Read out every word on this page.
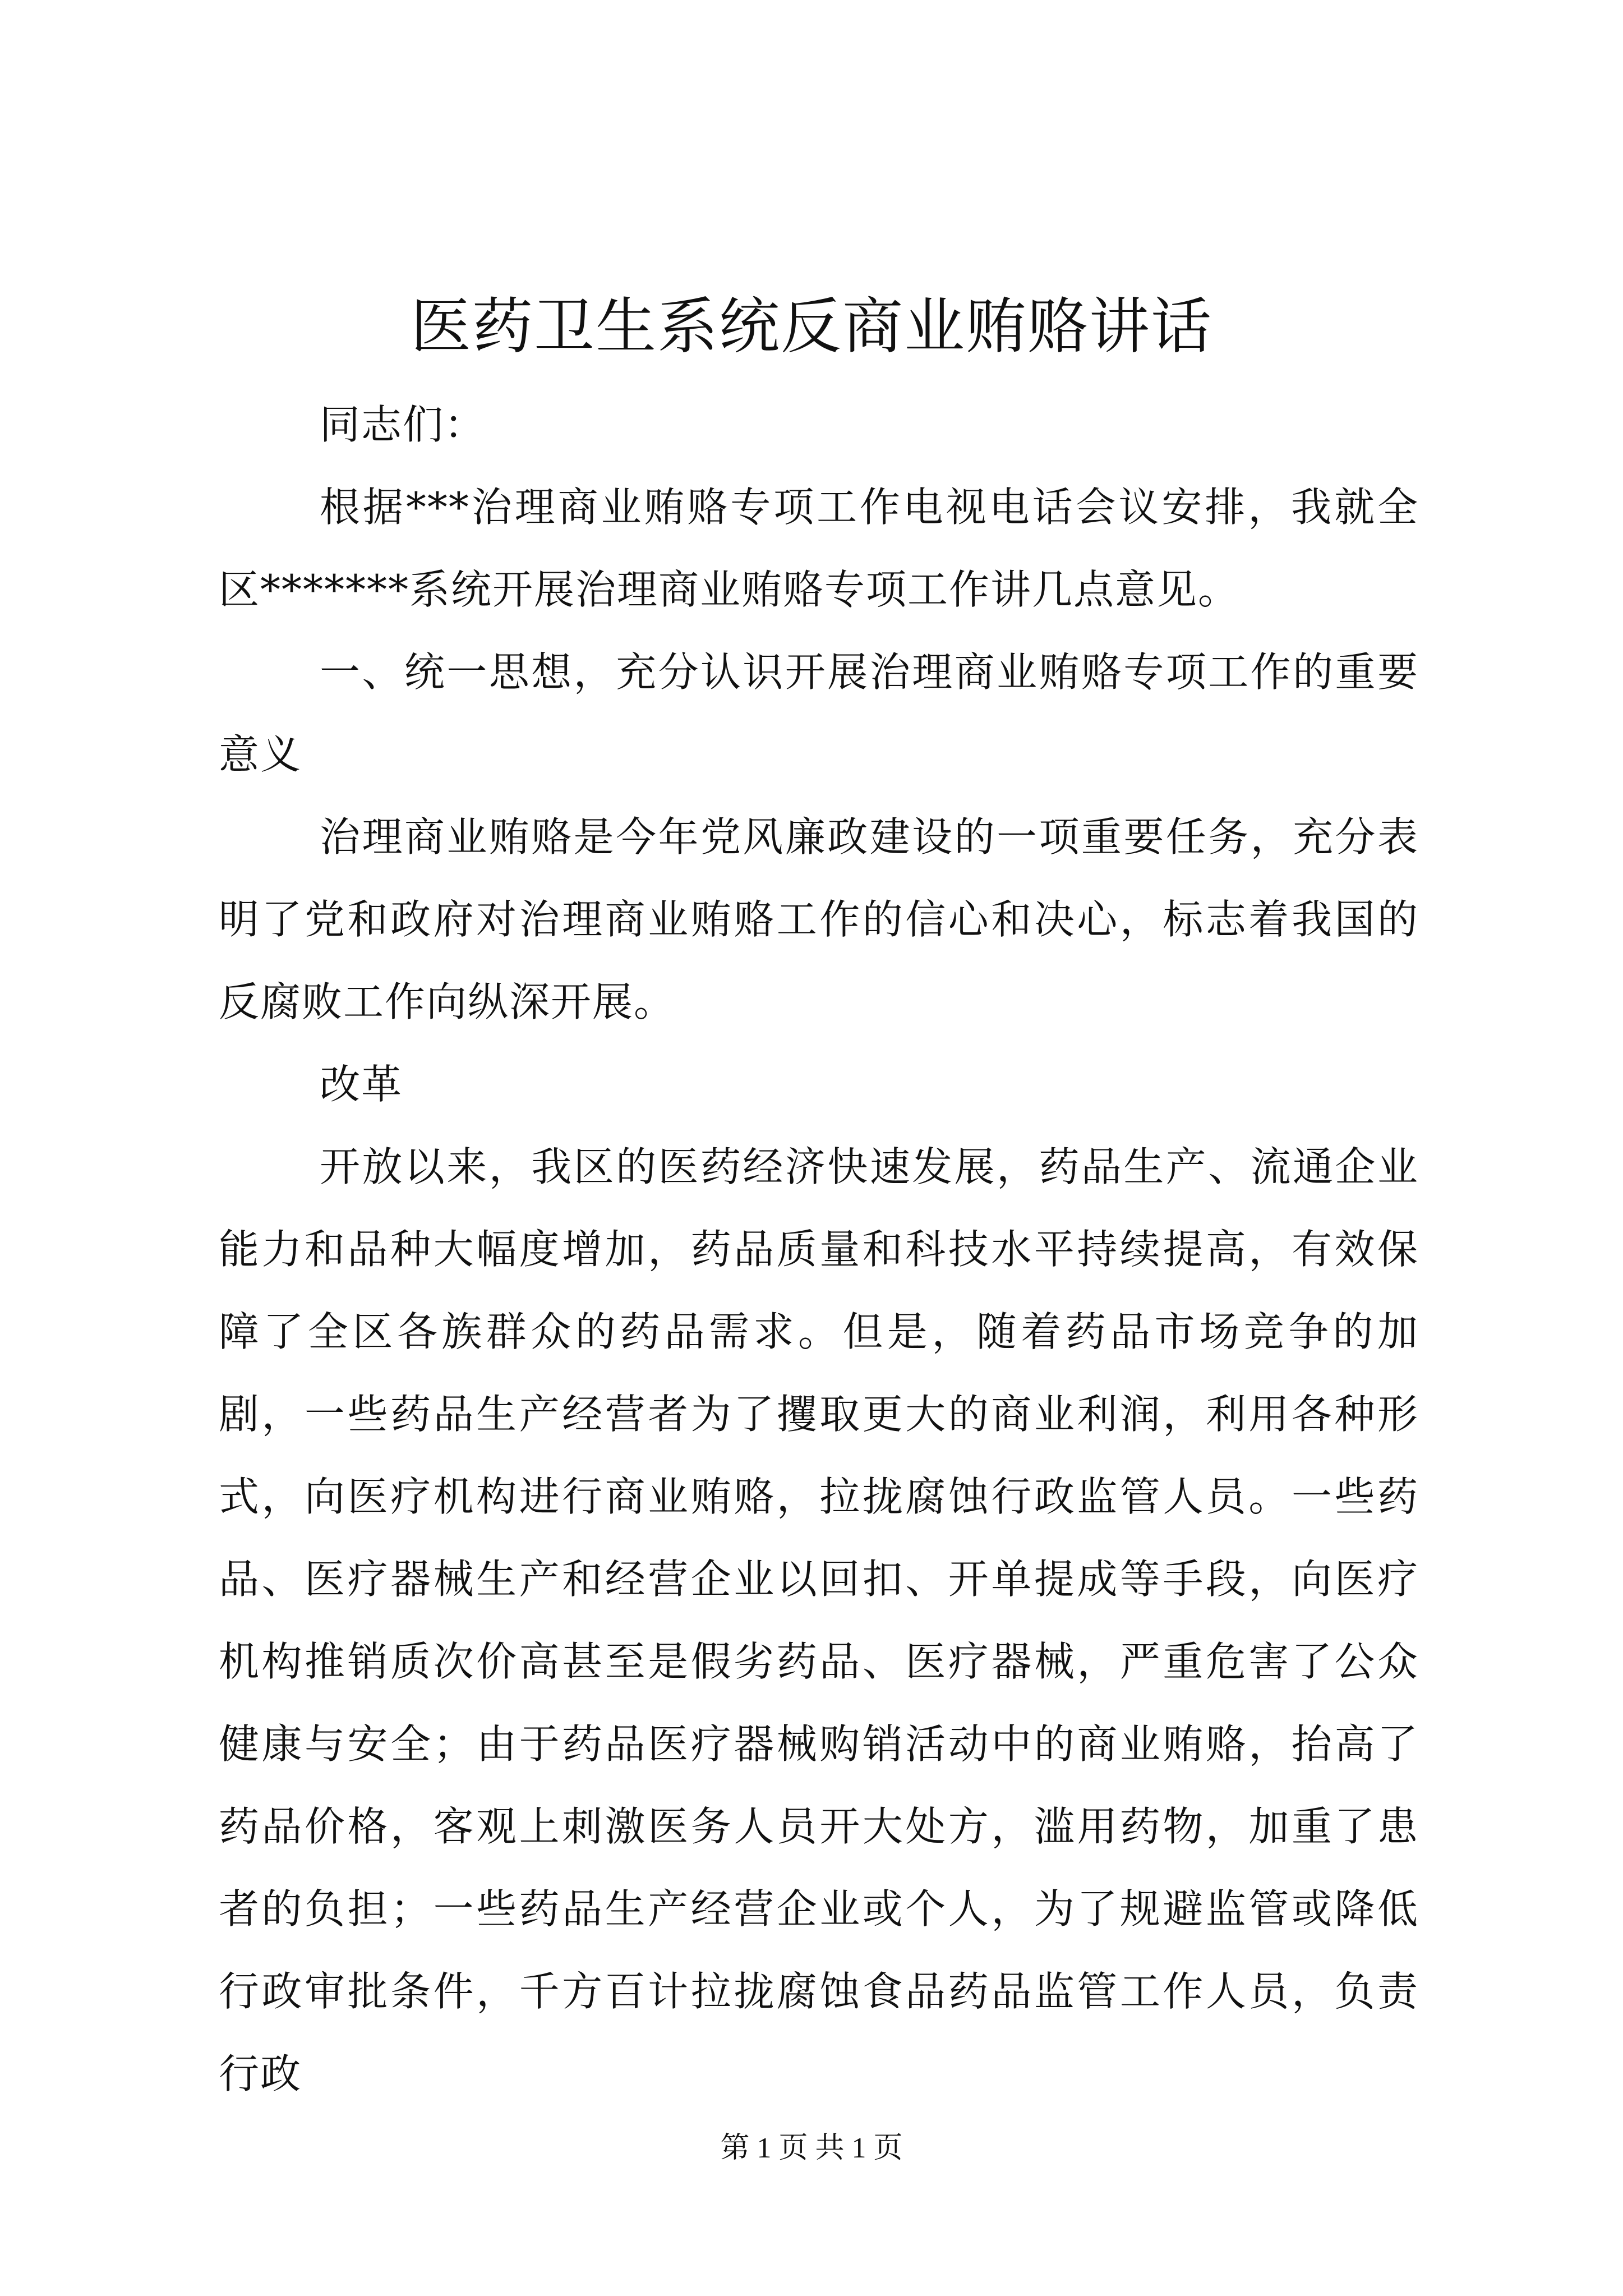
医药卫生系统反商业贿赂讲话

同志们：

根据***治理商业贿赂专项工作电视电话会议安排，我就全区*******系统开展治理商业贿赂专项工作讲几点意见。

一、统一思想，充分认识开展治理商业贿赂专项工作的重要意义

治理商业贿赂是今年党风廉政建设的一项重要任务，充分表明了党和政府对治理商业贿赂工作的信心和决心，标志着我国的反腐败工作向纵深开展。

改革

开放以来，我区的医药经济快速发展，药品生产、流通企业能力和品种大幅度增加，药品质量和科技水平持续提高，有效保障了全区各族群众的药品需求。但是，随着药品市场竞争的加剧，一些药品生产经营者为了攫取更大的商业利润，利用各种形式，向医疗机构进行商业贿赂，拉拢腐蚀行政监管人员。一些药品、医疗器械生产和经营企业以回扣、开单提成等手段，向医疗机构推销质次价高甚至是假劣药品、医疗器械，严重危害了公众健康与安全；由于药品医疗器械购销活动中的商业贿赂，抬高了药品价格，客观上刺激医务人员开大处方，滥用药物，加重了患者的负担；一些药品生产经营企业或个人，为了规避监管或降低行政审批条件，千方百计拉拢腐蚀食品药品监管工作人员，负责行政

第 1 页 共 1 页
